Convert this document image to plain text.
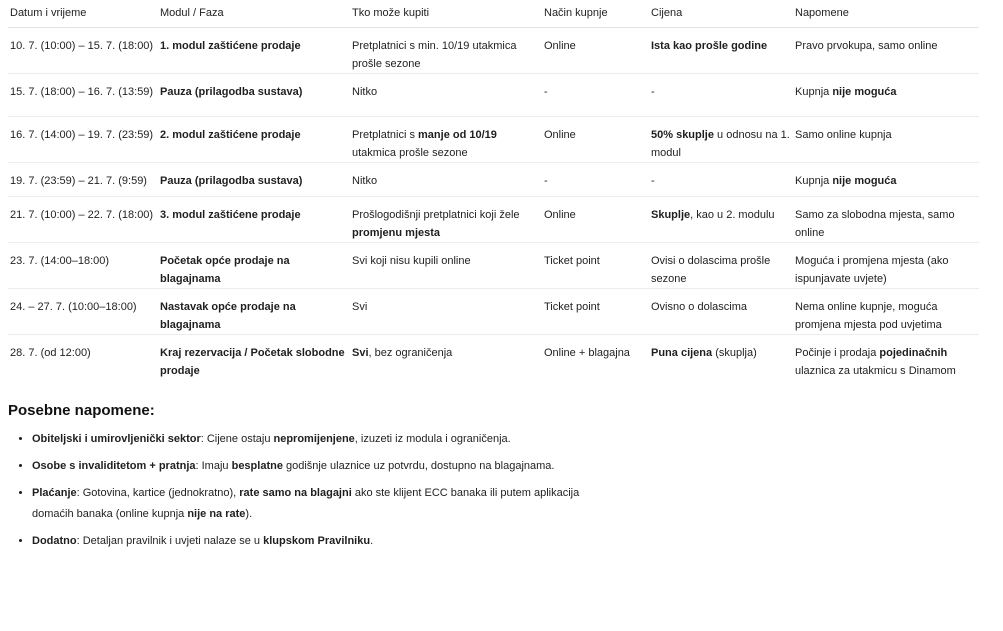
Datum i vrijeme	Modul / Faza	Tko može kupiti	Način kupnje	Cijena	Napomene
10. 7. (10:00) – 15. 7. (18:00)	1. modul zaštićene prodaje	Pretplatnici s min. 10/19 utakmica prošle sezone	Online	Ista kao prošle godine	Pravo prvokupa, samo online
15. 7. (18:00) – 16. 7. (13:59)	Pauza (prilagodba sustava)	Nitko	-	-	Kupnja nije moguća
16. 7. (14:00) – 19. 7. (23:59)	2. modul zaštićene prodaje	Pretplatnici s manje od 10/19 utakmica prošle sezone	Online	50% skuplje u odnosu na 1. modul	Samo online kupnja
19. 7. (23:59) – 21. 7. (9:59)	Pauza (prilagodba sustava)	Nitko	-	-	Kupnja nije moguća
21. 7. (10:00) – 22. 7. (18:00)	3. modul zaštićene prodaje	Prošlogodišnji pretplatnici koji žele promjenu mjesta	Online	Skuplje, kao u 2. modulu	Samo za slobodna mjesta, samo online
23. 7. (14:00–18:00)	Početak opće prodaje na blagajnama	Svi koji nisu kupili online	Ticket point	Ovisi o dolascima prošle sezone	Moguća i promjena mjesta (ako ispunjavate uvjete)
24. – 27. 7. (10:00–18:00)	Nastavak opće prodaje na blagajnama	Svi	Ticket point	Ovisno o dolascima	Nema online kupnje, moguća promjena mjesta pod uvjetima
28. 7. (od 12:00)	Kraj rezervacija / Početak slobodne prodaje	Svi, bez ograničenja	Online + blagajna	Puna cijena (skuplja)	Počinje i prodaja pojedinačnih ulaznica za utakmicu s Dinamom
Posebne napomene:
• Obiteljski i umirovljenički sektor: Cijene ostaju nepromijenjene, izuzeti iz modula i ograničenja.
• Osobe s invaliditetom + pratnja: Imaju besplatne godišnje ulaznice uz potvrdu, dostupno na blagajnama.
• Plaćanje: Gotovina, kartice (jednokratno), rate samo na blagajni ako ste klijent ECC banaka ili putem aplikacija domaćih banaka (online kupnja nije na rate).
• Dodatno: Detaljan pravilnik i uvjeti nalaze se u klupskom Pravilniku.
